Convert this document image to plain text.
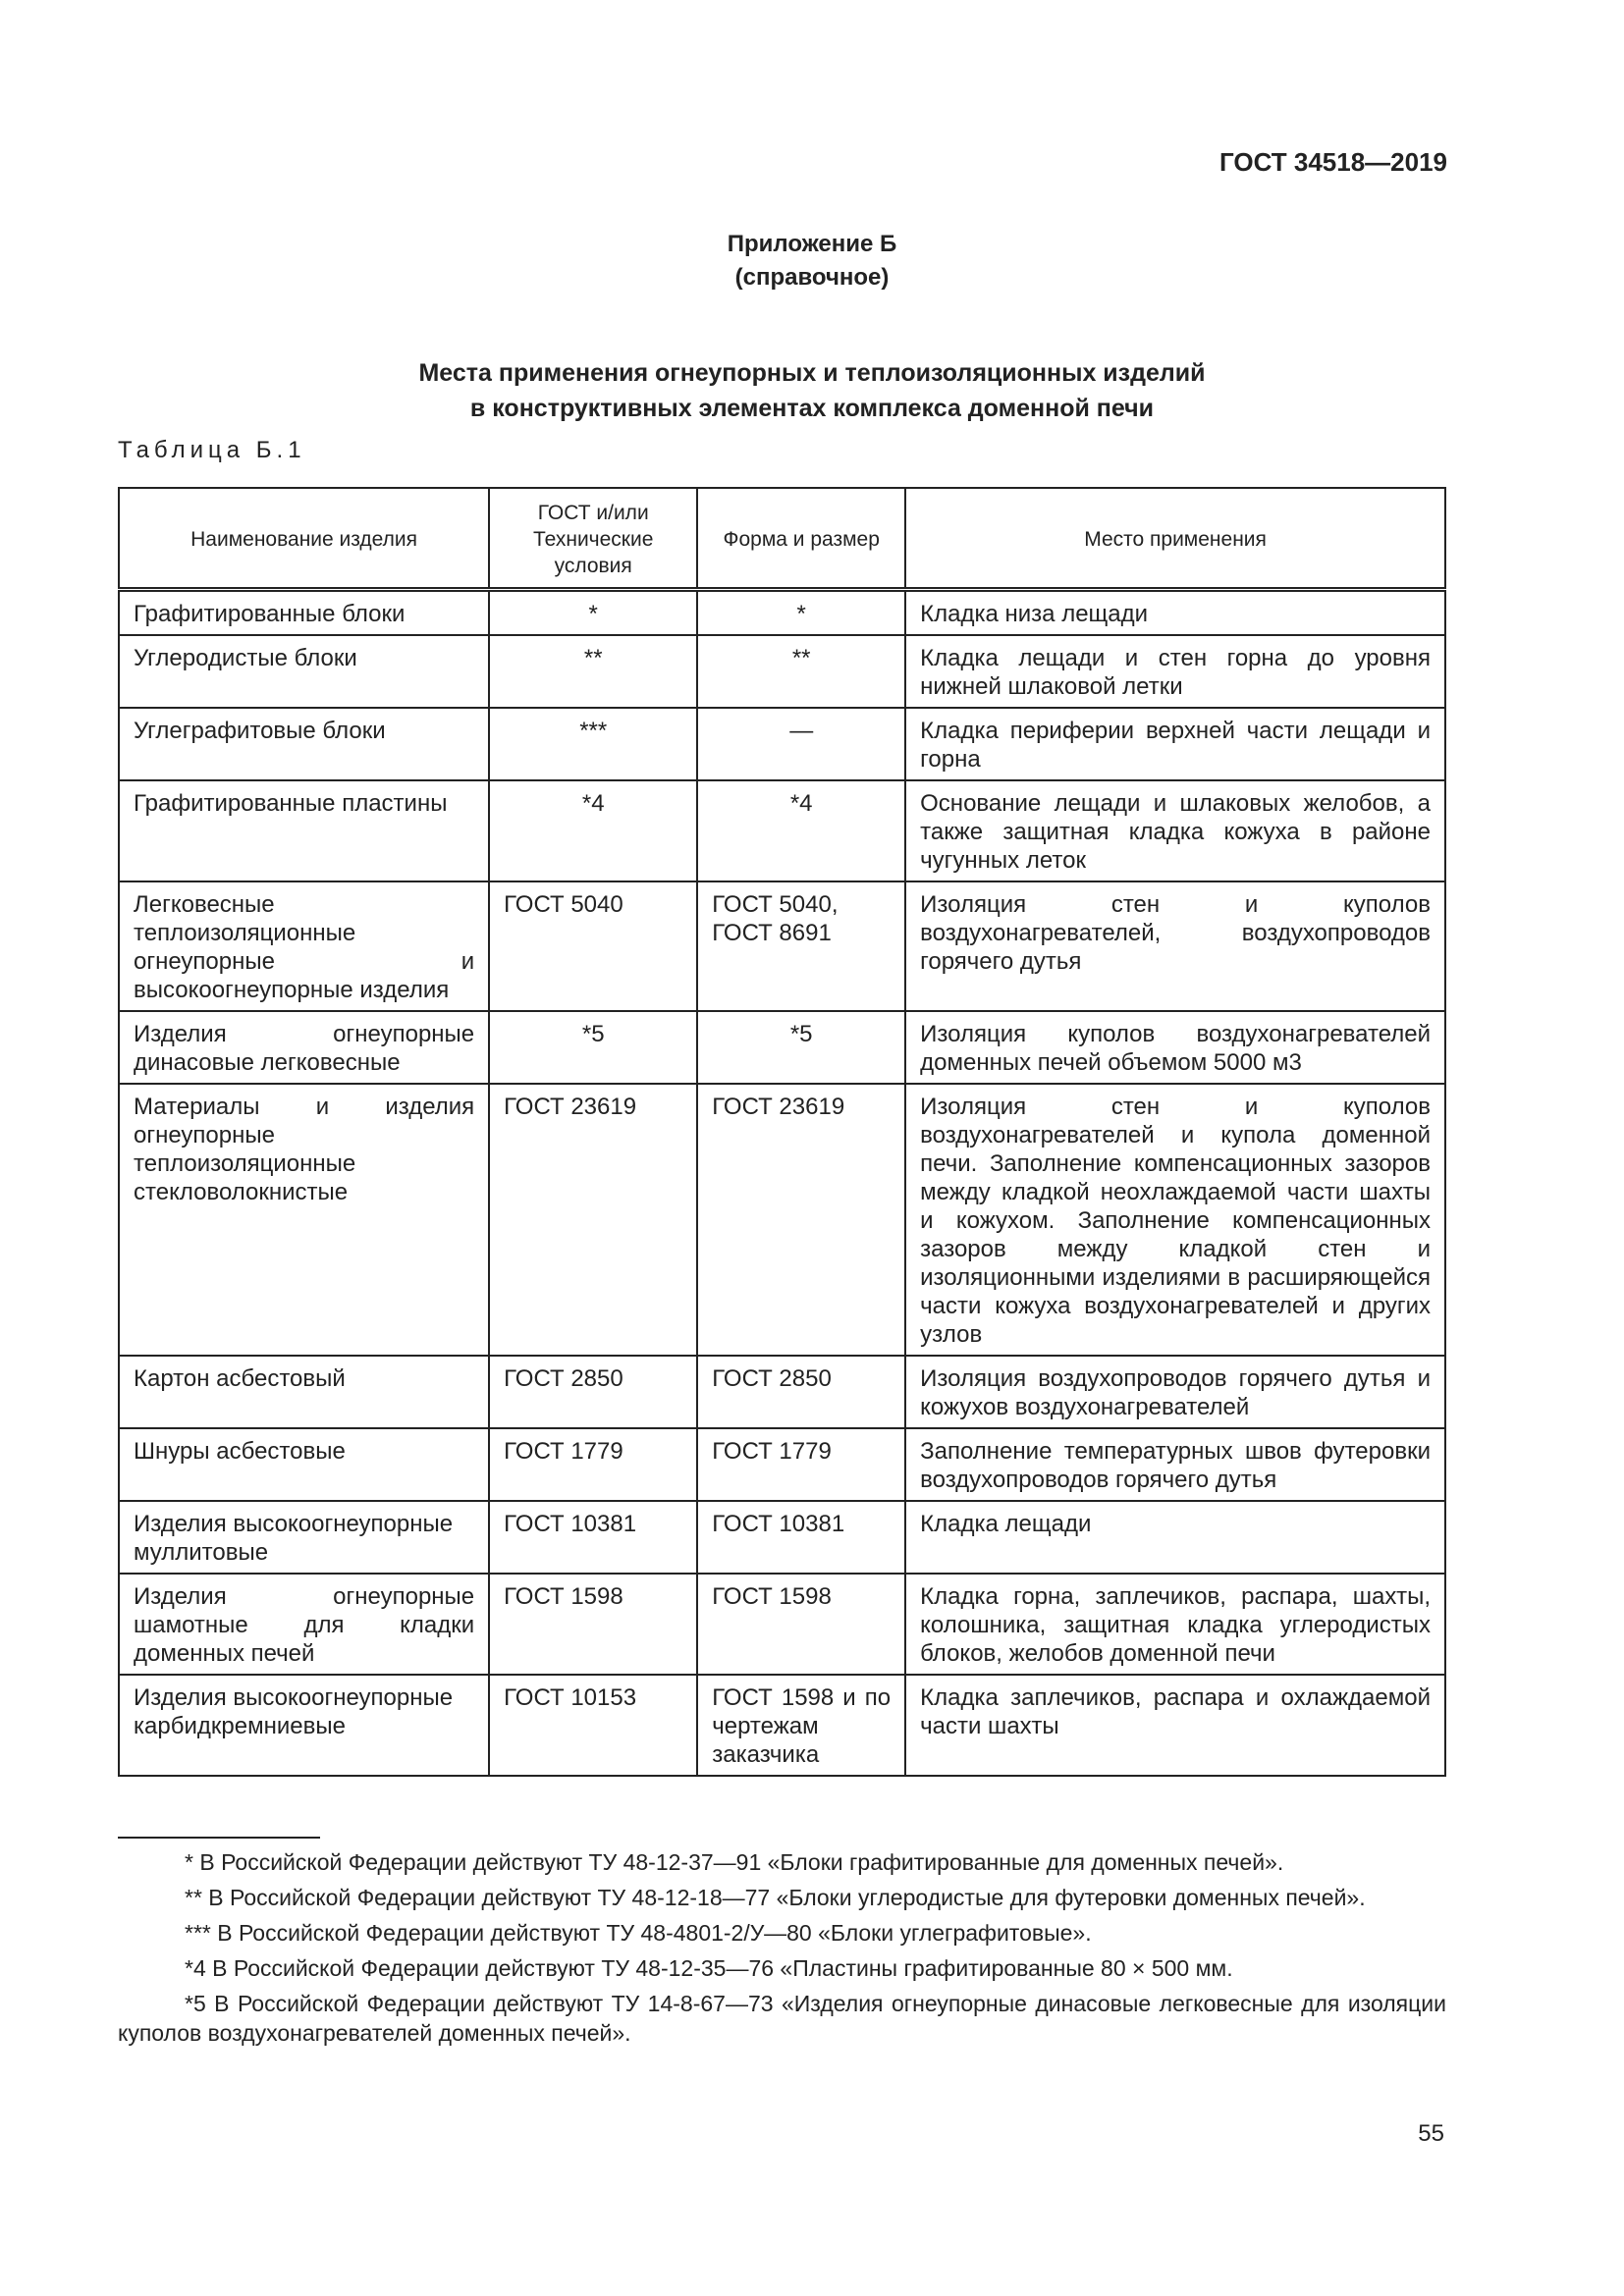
ГОСТ 34518—2019
Приложение Б
(справочное)
Места применения огнеупорных и теплоизоляционных изделий
в конструктивных элементах комплекса доменной печи
Таблица Б.1
Наименование изделия	ГОСТ и/или Технические условия	Форма и размер	Место применения
Графитированные блоки	*	*	Кладка низа лещади
Углеродистые блоки	**	**	Кладка лещади и стен горна до уровня нижней шлаковой летки
Углеграфитовые блоки	***	—	Кладка периферии верхней части лещади и горна
Графитированные пластины	*4	*4	Основание лещади и шлаковых желобов, а также защитная кладка кожуха в районе чугунных леток
Легковесные теплоизоляционные огнеупорные и высокоогнеупорные изделия	ГОСТ 5040	ГОСТ 5040, ГОСТ 8691	Изоляция стен и куполов воздухонагревателей, воздухопроводов горячего дутья
Изделия огнеупорные динасовые легковесные	*5	*5	Изоляция куполов воздухонагревателей доменных печей объемом 5000 м3
Материалы и изделия огнеупорные теплоизоляционные стекловолокнистые	ГОСТ 23619	ГОСТ 23619	Изоляция стен и куполов воздухонагревателей и купола доменной печи. Заполнение компенсационных зазоров между кладкой неохлаждаемой части шахты и кожухом. Заполнение компенсационных зазоров между кладкой стен и изоляционными изделиями в расширяющейся части кожуха воздухонагревателей и других узлов
Картон асбестовый	ГОСТ 2850	ГОСТ 2850	Изоляция воздухопроводов горячего дутья и кожухов воздухонагревателей
Шнуры асбестовые	ГОСТ 1779	ГОСТ 1779	Заполнение температурных швов футеровки воздухопроводов горячего дутья
Изделия высокоогнеупорные муллитовые	ГОСТ 10381	ГОСТ 10381	Кладка лещади
Изделия огнеупорные шамотные для кладки доменных печей	ГОСТ 1598	ГОСТ 1598	Кладка горна, заплечиков, распара, шахты, колошника, защитная кладка углеродистых блоков, желобов доменной печи
Изделия высокоогнеупорные карбидкремниевые	ГОСТ 10153	ГОСТ 1598 и по чертежам заказчика	Кладка заплечиков, распара и охлаждаемой части шахты

* В Российской Федерации действуют ТУ 48-12-37—91 «Блоки графитированные для доменных печей».

** В Российской Федерации действуют ТУ 48-12-18—77 «Блоки углеродистые для футеровки доменных печей».

*** В Российской Федерации действуют ТУ 48-4801-2/У—80 «Блоки углеграфитовые».

*4 В Российской Федерации действуют ТУ 48-12-35—76 «Пластины графитированные 80 × 500 мм.

*5 В Российской Федерации действуют ТУ 14-8-67—73 «Изделия огнеупорные динасовые легковесные для изоляции куполов воздухонагревателей доменных печей».

55
